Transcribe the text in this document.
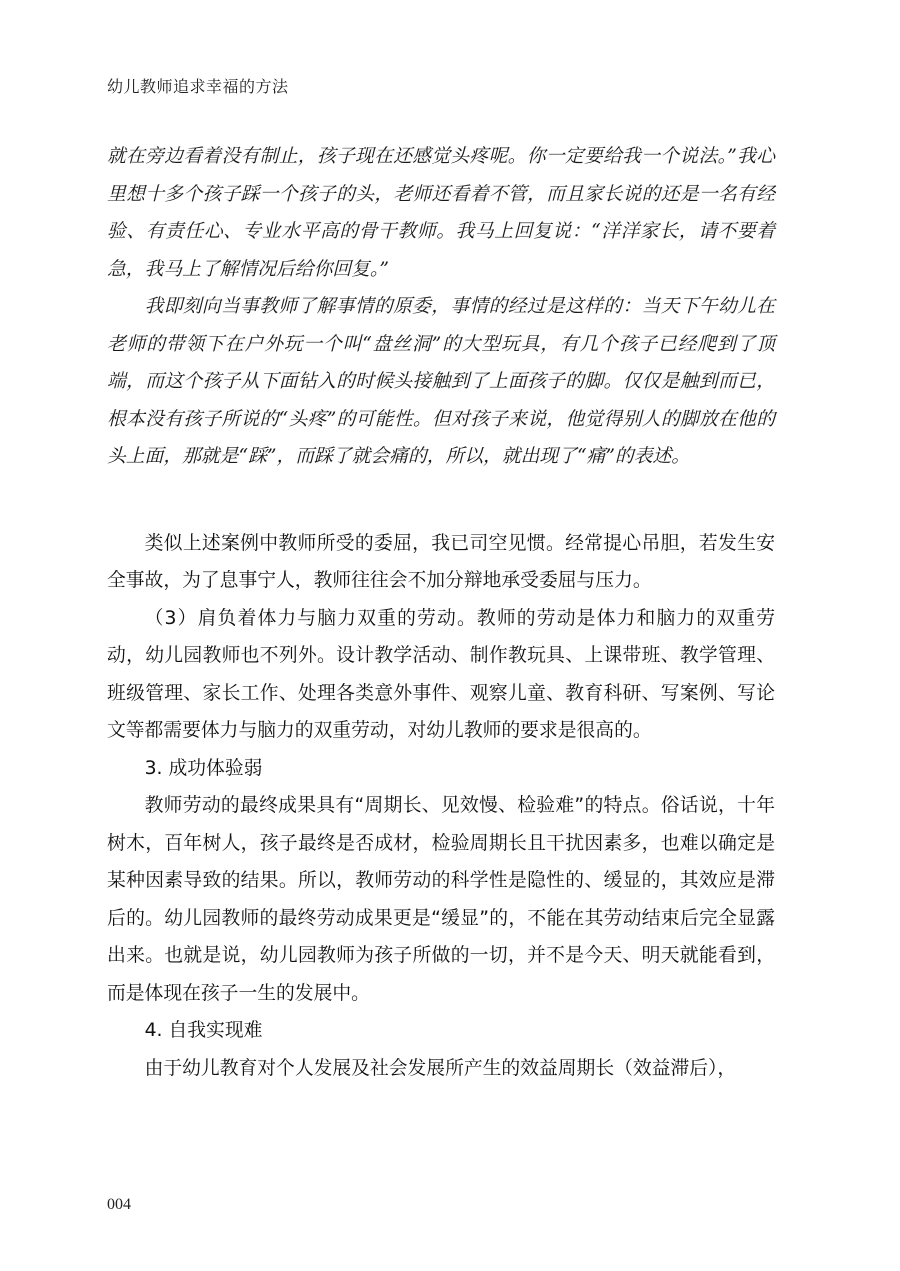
幼儿教师追求幸福的方法

就在旁边看着没有制止，孩子现在还感觉头疼呢。你一定要给我一个说法。”我心里想十多个孩子踩一个孩子的头，老师还看着不管，而且家长说的还是一名有经验、有责任心、专业水平高的骨干教师。我马上回复说：“洋洋家长，请不要着急，我马上了解情况后给你回复。”

我即刻向当事教师了解事情的原委，事情的经过是这样的：当天下午幼儿在老师的带领下在户外玩一个叫“盘丝洞”的大型玩具，有几个孩子已经爬到了顶端，而这个孩子从下面钻入的时候头接触到了上面孩子的脚。仅仅是触到而已，根本没有孩子所说的“头疼”的可能性。但对孩子来说，他觉得别人的脚放在他的头上面，那就是“踩”，而踩了就会痛的，所以，就出现了“痛”的表述。

类似上述案例中教师所受的委屈，我已司空见惯。经常提心吊胆，若发生安全事故，为了息事宁人，教师往往会不加分辩地承受委屈与压力。

（3）肩负着体力与脑力双重的劳动。教师的劳动是体力和脑力的双重劳动，幼儿园教师也不列外。设计教学活动、制作教玩具、上课带班、教学管理、班级管理、家长工作、处理各类意外事件、观察儿童、教育科研、写案例、写论文等都需要体力与脑力的双重劳动，对幼儿教师的要求是很高的。

3. 成功体验弱

教师劳动的最终成果具有“周期长、见效慢、检验难”的特点。俗话说，十年树木，百年树人，孩子最终是否成材，检验周期长且干扰因素多，也难以确定是某种因素导致的结果。所以，教师劳动的科学性是隐性的、缓显的，其效应是滞后的。幼儿园教师的最终劳动成果更是“缓显”的，不能在其劳动结束后完全显露出来。也就是说，幼儿园教师为孩子所做的一切，并不是今天、明天就能看到，而是体现在孩子一生的发展中。

4. 自我实现难

由于幼儿教育对个人发展及社会发展所产生的效益周期长（效益滞后），

004
